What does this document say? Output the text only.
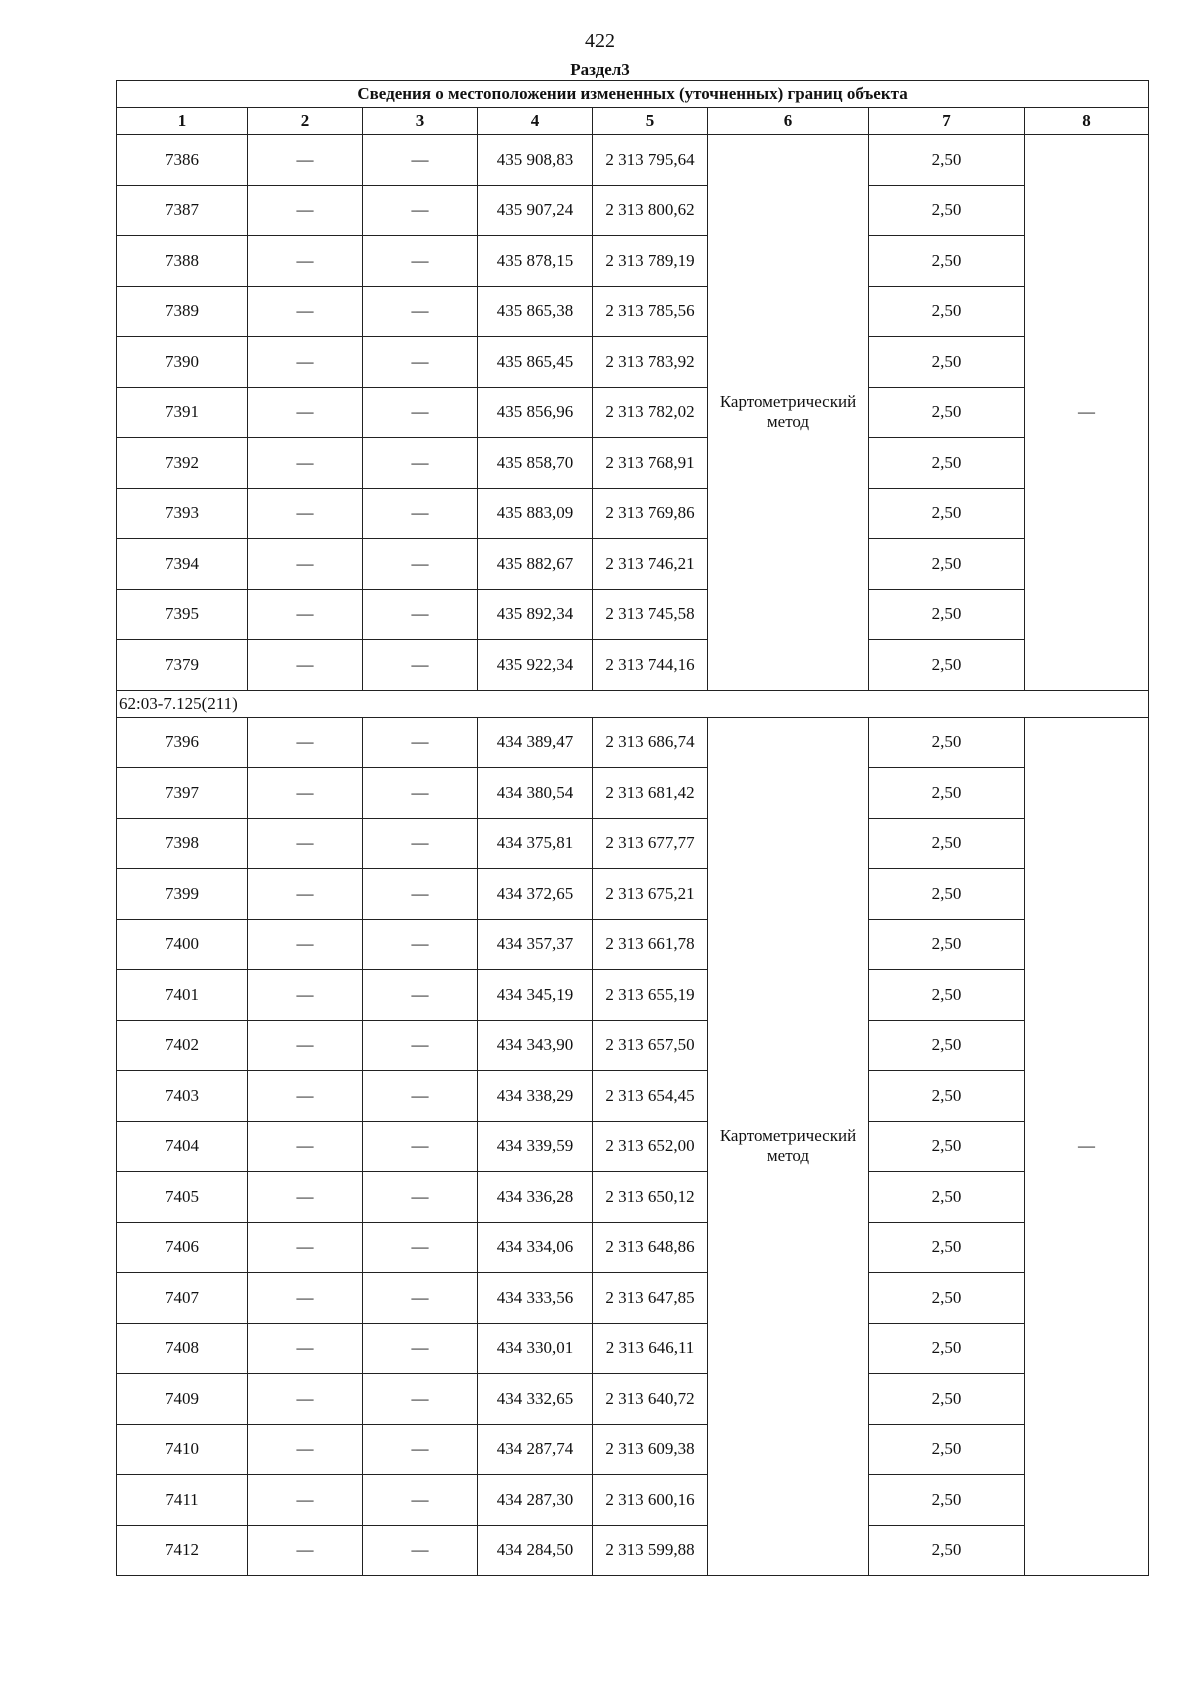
422
Раздел3
Сведения о местоположении измененных (уточненных) границ объекта							
1	2	3	4	5	6	7	8
7386	—	—	435 908,83	2 313 795,64	Картометрический метод	2,50	—
7387	—	—	435 907,24	2 313 800,62		2,50	
7388	—	—	435 878,15	2 313 789,19		2,50	
7389	—	—	435 865,38	2 313 785,56		2,50	
7390	—	—	435 865,45	2 313 783,92		2,50	
7391	—	—	435 856,96	2 313 782,02		2,50	
7392	—	—	435 858,70	2 313 768,91		2,50	
7393	—	—	435 883,09	2 313 769,86		2,50	
7394	—	—	435 882,67	2 313 746,21		2,50	
7395	—	—	435 892,34	2 313 745,58		2,50	
7379	—	—	435 922,34	2 313 744,16		2,50	
62:03-7.125(211)							
7396	—	—	434 389,47	2 313 686,74	Картометрический метод	2,50	—
7397	—	—	434 380,54	2 313 681,42		2,50	
7398	—	—	434 375,81	2 313 677,77		2,50	
7399	—	—	434 372,65	2 313 675,21		2,50	
7400	—	—	434 357,37	2 313 661,78		2,50	
7401	—	—	434 345,19	2 313 655,19		2,50	
7402	—	—	434 343,90	2 313 657,50		2,50	
7403	—	—	434 338,29	2 313 654,45		2,50	
7404	—	—	434 339,59	2 313 652,00		2,50	
7405	—	—	434 336,28	2 313 650,12		2,50	
7406	—	—	434 334,06	2 313 648,86		2,50	
7407	—	—	434 333,56	2 313 647,85		2,50	
7408	—	—	434 330,01	2 313 646,11		2,50	
7409	—	—	434 332,65	2 313 640,72		2,50	
7410	—	—	434 287,74	2 313 609,38		2,50	
7411	—	—	434 287,30	2 313 600,16		2,50	
7412	—	—	434 284,50	2 313 599,88		2,50	
